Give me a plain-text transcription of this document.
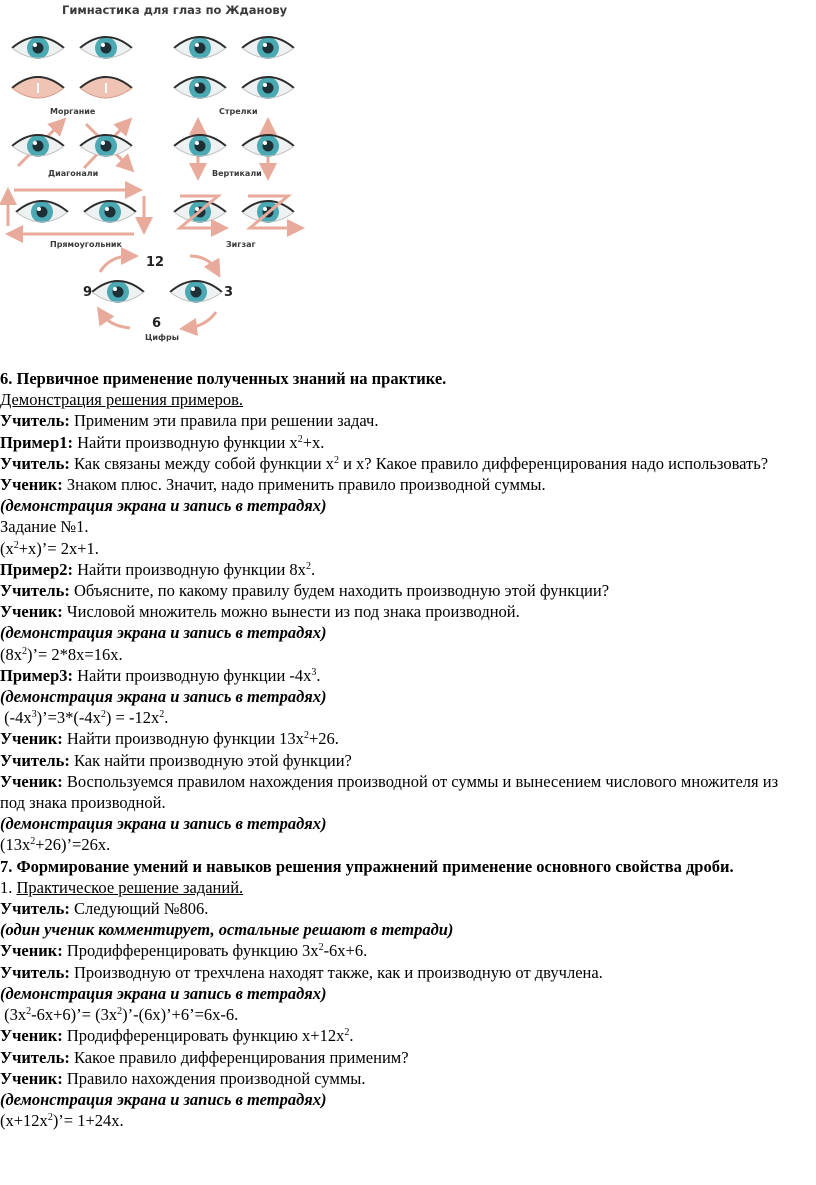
Гимнастика для глаз по Жданову
Моргание	Стрелки
Диагонали	Вертикали
Прямоугольник	Зигзаг
Цифры
12
9	3
6
6. Первичное применение полученных знаний на практике.
Демонстрация решения примеров.
Учитель: Применим эти правила при решении задач.
Пример1: Найти производную функции $х^2+х$.
Учитель: Как связаны между собой функции $х^2$ и х? Какое правило дифференцирования надо использовать?
Ученик: Знаком плюс. Значит, надо применить правило производной суммы.
(демонстрация экрана и запись в тетрадях)
Задание №1.
$(х^2+х)’= 2х+1$.
Пример2: Найти производную функции $8х^2$.
Учитель: Объясните, по какому правилу будем находить производную этой функции?
Ученик: Числовой множитель можно вынести из под знака производной.
(демонстрация экрана и запись в тетрадях)
$(8х^2)’= 2*8х=16х$.
Пример3: Найти производную функции $-4х^3$.
(демонстрация экрана и запись в тетрадях)
$(-4х^3)’=3*(-4х^2) = -12х^2$.
Ученик: Найти производную функции $13х^2+26$.
Учитель: Как найти производную этой функции?
Ученик: Воспользуемся правилом нахождения производной от суммы и вынесением числового множителя из под знака производной.
(демонстрация экрана и запись в тетрадях)
$(13х^2+26)’=26х$.
7. Формирование умений и навыков решения упражнений применение основного свойства дроби.
1. Практическое решение заданий.
Учитель: Следующий №806.
(один ученик комментирует, остальные решают в тетради)
Ученик: Продифференцировать функцию $3х^2-6х+6$.
Учитель: Производную от трехчлена находят также, как и производную от двучлена.
(демонстрация экрана и запись в тетрадях)
$(3х^2-6х+6)’=$ $(3х^2)’-(6х)’+6’=6х-6$.
Ученик: Продифференцировать функцию $х+12х^2$.
Учитель: Какое правило дифференцирования применим?
Ученик: Правило нахождения производной суммы.
(демонстрация экрана и запись в тетрадях)
$(х+12х^2)’= 1+24х$.
